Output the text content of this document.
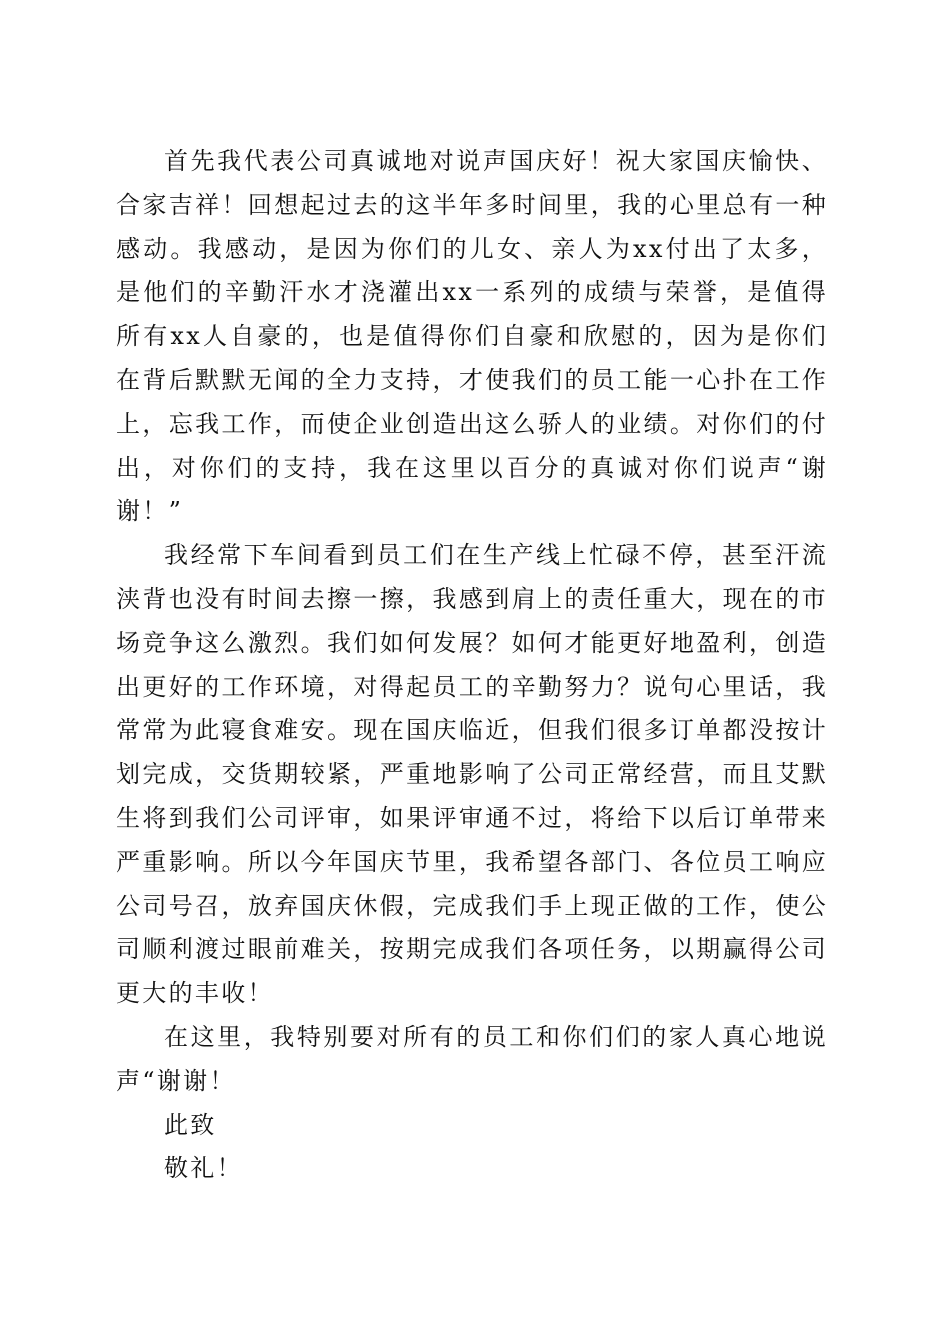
首先我代表公司真诚地对说声国庆好！祝大家国庆愉快、合家吉祥！回想起过去的这半年多时间里，我的心里总有一种感动。我感动，是因为你们的儿女、亲人为xx付出了太多，是他们的辛勤汗水才浇灌出xx一系列的成绩与荣誉，是值得所有xx人自豪的，也是值得你们自豪和欣慰的，因为是你们在背后默默无闻的全力支持，才使我们的员工能一心扑在工作上，忘我工作，而使企业创造出这么骄人的业绩。对你们的付出，对你们的支持，我在这里以百分的真诚对你们说声“谢谢！”

我经常下车间看到员工们在生产线上忙碌不停，甚至汗流浃背也没有时间去擦一擦，我感到肩上的责任重大，现在的市场竞争这么激烈。我们如何发展？如何才能更好地盈利，创造出更好的工作环境，对得起员工的辛勤努力？说句心里话，我常常为此寝食难安。现在国庆临近，但我们很多订单都没按计划完成，交货期较紧，严重地影响了公司正常经营，而且艾默生将到我们公司评审，如果评审通不过，将给下以后订单带来严重影响。所以今年国庆节里，我希望各部门、各位员工响应公司号召，放弃国庆休假，完成我们手上现正做的工作，使公司顺利渡过眼前难关，按期完成我们各项任务，以期赢得公司更大的丰收！

在这里，我特别要对所有的员工和你们们的家人真心地说声“谢谢！

此致

敬礼！
